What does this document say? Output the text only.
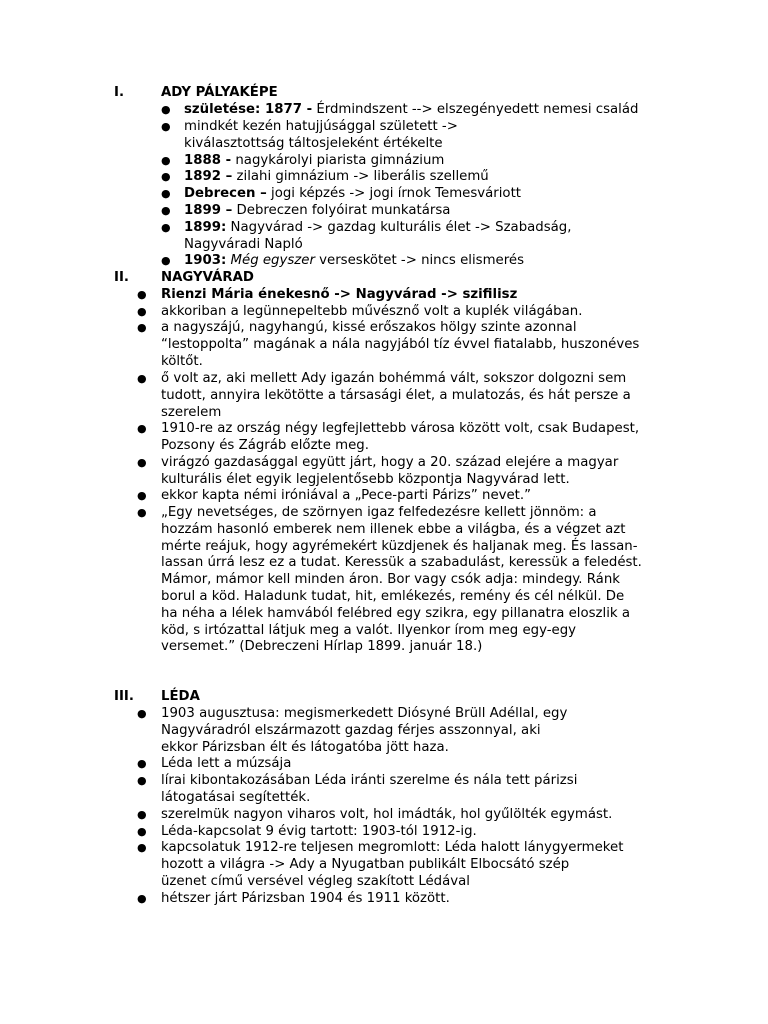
I.	ADY PÁLYAKÉPE
● születése: 1877 - Érdmindszent --> elszegényedett nemesi család
● mindkét kezén hatujjúsággal született ->
kiválasztottság táltosjeleként értékelte
● 1888 - nagykárolyi piarista gimnázium
● 1892 – zilahi gimnázium -> liberális szellemű
● Debrecen – jogi képzés -> jogi írnok Temesváriott
● 1899 – Debreczen folyóirat munkatársa
● 1899: Nagyvárad -> gazdag kulturális élet -> Szabadság,
Nagyváradi Napló
● 1903: Még egyszer verseskötet -> nincs elismerés
II. NAGYVÁRAD
● Rienzi Mária énekesnő -> Nagyvárad -> szifilisz
● akkoriban a legünnepeltebb művésznő volt a kuplék világában.
● a nagyszájú, nagyhangú, kissé erőszakos hölgy szinte azonnal
“lestoppolta” magának a nála nagyjából tíz évvel fiatalabb, huszonéves
költőt.
● ő volt az, aki mellett Ady igazán bohémmá vált, sokszor dolgozni sem
tudott, annyira lekötötte a társasági élet, a mulatozás, és hát persze a
szerelem
● 1910-re az ország négy legfejlettebb városa között volt, csak Budapest,
Pozsony és Zágráb előzte meg.
● virágzó gazdasággal együtt járt, hogy a 20. század elejére a magyar
kulturális élet egyik legjelentősebb központja Nagyvárad lett.
● ekkor kapta némi iróniával a „Pece-parti Párizs” nevet.”
● „Egy nevetséges, de szörnyen igaz felfedezésre kellett jönnöm: a
hozzám hasonló emberek nem illenek ebbe a világba, és a végzet azt
mérte reájuk, hogy agyrémekért küzdjenek és haljanak meg. És lassan-
lassan úrrá lesz ez a tudat. Keressük a szabadulást, keressük a feledést.
Mámor, mámor kell minden áron. Bor vagy csók adja: mindegy. Ránk
borul a köd. Haladunk tudat, hit, emlékezés, remény és cél nélkül. De
ha néha a lélek hamvából felébred egy szikra, egy pillanatra eloszlik a
köd, s irtózattal látjuk meg a valót. Ilyenkor írom meg egy-egy
versemet.” (Debreczeni Hírlap 1899. január 18.)
III. LÉDA
● 1903 augusztusa: megismerkedett Diósyné Brüll Adéllal, egy
Nagyváradról elszármazott gazdag férjes asszonnyal, aki
ekkor Párizsban élt és látogatóba jött haza.
● Léda lett a múzsája
● lírai kibontakozásában Léda iránti szerelme és nála tett párizsi
látogatásai segítették.
● szerelmük nagyon viharos volt, hol imádták, hol gyűlölték egymást.
● Léda-kapcsolat 9 évig tartott: 1903-tól 1912-ig.
● kapcsolatuk 1912-re teljesen megromlott: Léda halott lánygyermeket
hozott a világra -> Ady a Nyugatban publikált Elbocsátó szép
üzenet című versével végleg szakított Lédával
● hétszer járt Párizsban 1904 és 1911 között.
